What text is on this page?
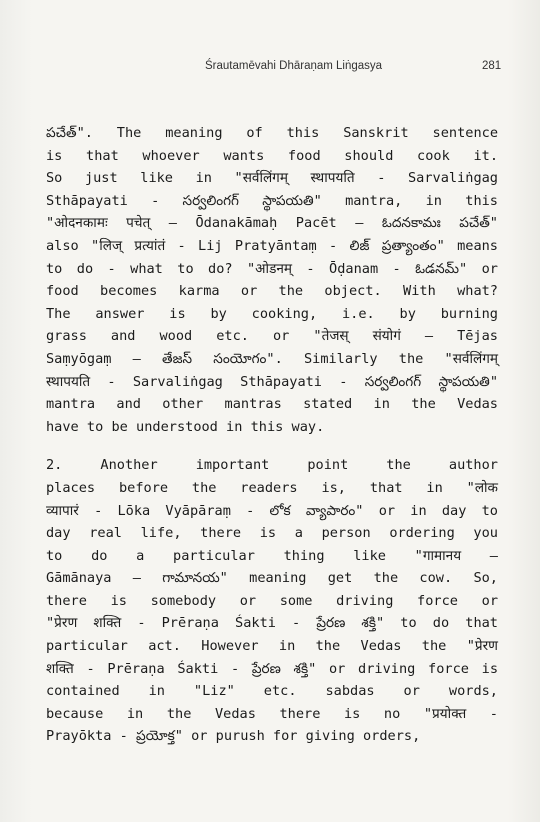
Śrautamēvahi Dhāraṇam Liṅgasya	281

పచేత్". The meaning of this Sanskrit sentence

is that whoever wants food should cook it.

So just like in "सर्वलिंगम् स्थापयति - Sarvaliṅgag

Sthāpayati - సర్వలింగగ్ స్థాపయతి" mantra, in this

"ओदनकामः पचेत् – Ōdanakāmaḥ Pacēt – ఓదనకామః పచేత్"

also "लिज् प्रत्यांतं - Lij Pratyāntaṃ - లిజ్ ప్రత్యాంతం" means

to do - what to do? "ओडनम् - Ōḍanam - ఓడనమ్" or

food becomes karma or the object. With what?

The answer is by cooking, i.e. by burning

grass and wood etc. or "तेजस् संयोगं – Tējas

Saṃyōgaṃ – తేజస్ సంయోగం". Similarly the "सर्वलिंगम्

स्थापयति - Sarvaliṅgag Sthāpayati - సర్వలింగగ్ స్థాపయతి"

mantra and other mantras stated in the Vedas

have to be understood in this way.

2. Another important point the author

places before the readers is, that in "लोक

व्यापारं - Lōka Vyāpāraṃ - లోక వ్యాపారం" or in day to

day real life, there is a person ordering you

to do a particular thing like "गामानय –

Gāmānaya – గామానయ" meaning get the cow. So,

there is somebody or some driving force or

"प्रेरण शक्ति - Prēraṇa Śakti - ప్రేరణ శక్తి" to do that

particular act. However in the Vedas the "प्रेरण

शक्ति - Prēraṇa Śakti - ప్రేరణ శక్తి" or driving force is

contained in "Liz" etc. sabdas or words,

because in the Vedas there is no "प्रयोक्त -

Prayōkta - ప్రయోక్త" or purush for giving orders,
